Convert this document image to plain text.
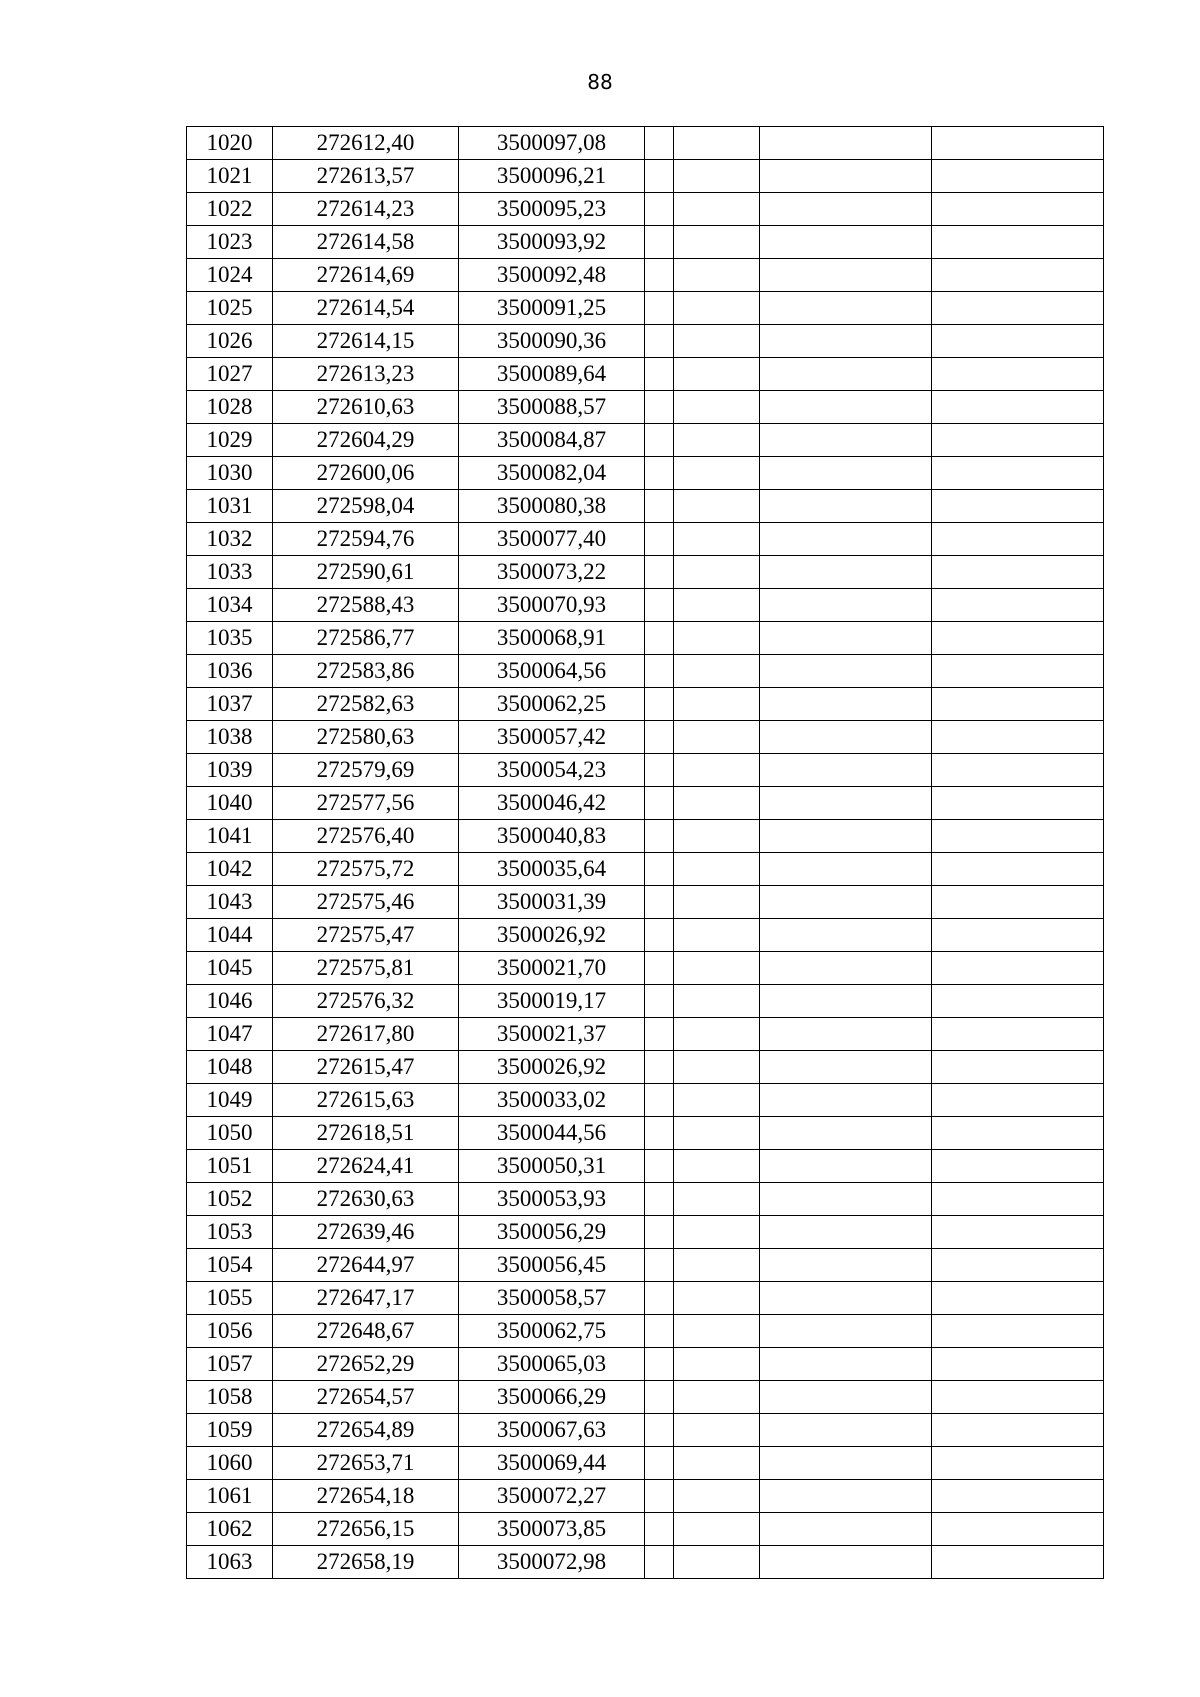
88
1020	272612,40	3500097,08				
1021	272613,57	3500096,21				
1022	272614,23	3500095,23				
1023	272614,58	3500093,92				
1024	272614,69	3500092,48				
1025	272614,54	3500091,25				
1026	272614,15	3500090,36				
1027	272613,23	3500089,64				
1028	272610,63	3500088,57				
1029	272604,29	3500084,87				
1030	272600,06	3500082,04				
1031	272598,04	3500080,38				
1032	272594,76	3500077,40				
1033	272590,61	3500073,22				
1034	272588,43	3500070,93				
1035	272586,77	3500068,91				
1036	272583,86	3500064,56				
1037	272582,63	3500062,25				
1038	272580,63	3500057,42				
1039	272579,69	3500054,23				
1040	272577,56	3500046,42				
1041	272576,40	3500040,83				
1042	272575,72	3500035,64				
1043	272575,46	3500031,39				
1044	272575,47	3500026,92				
1045	272575,81	3500021,70				
1046	272576,32	3500019,17				
1047	272617,80	3500021,37				
1048	272615,47	3500026,92				
1049	272615,63	3500033,02				
1050	272618,51	3500044,56				
1051	272624,41	3500050,31				
1052	272630,63	3500053,93				
1053	272639,46	3500056,29				
1054	272644,97	3500056,45				
1055	272647,17	3500058,57				
1056	272648,67	3500062,75				
1057	272652,29	3500065,03				
1058	272654,57	3500066,29				
1059	272654,89	3500067,63				
1060	272653,71	3500069,44				
1061	272654,18	3500072,27				
1062	272656,15	3500073,85				
1063	272658,19	3500072,98				
